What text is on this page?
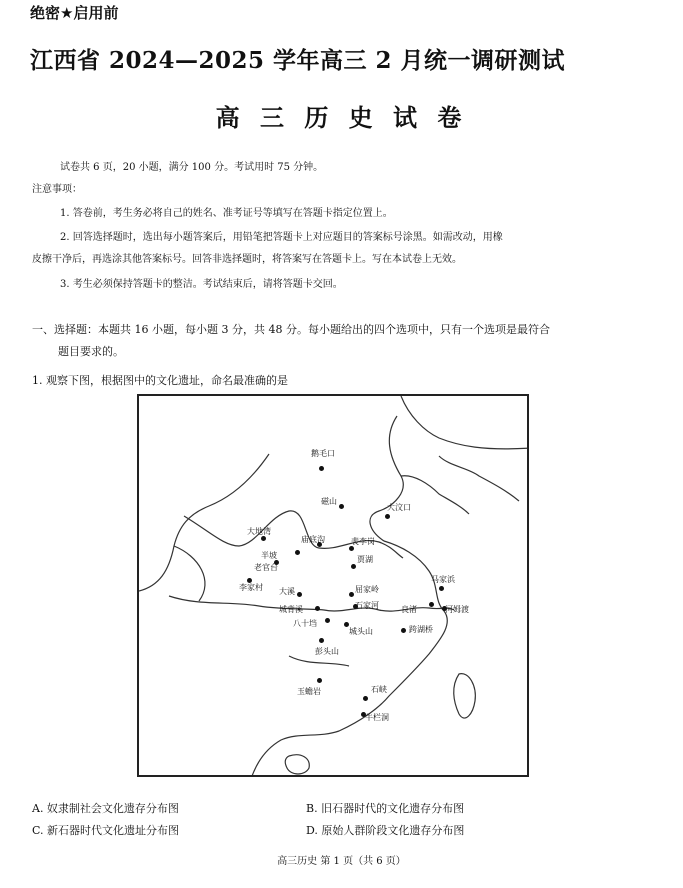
绝密★启用前
江西省 2024—2025 学年高三 2 月统一调研测试
高 三 历 史 试 卷
试卷共 6 页，20 小题，满分 100 分。考试用时 75 分钟。
注意事项：
1. 答卷前，考生务必将自己的姓名、准考证号等填写在答题卡指定位置上。
2. 回答选择题时，选出每小题答案后，用铅笔把答题卡上对应题目的答案标号涂黑。如需改动，用橡
皮擦干净后，再选涂其他答案标号。回答非选择题时，将答案写在答题卡上。写在本试卷上无效。
3. 考生必须保持答题卡的整洁。考试结束后，请将答题卡交回。
一、选择题：本题共 16 小题，每小题 3 分，共 48 分。每小题给出的四个选项中，只有一个选项是最符合
题目要求的。
1. 观察下图，根据图中的文化遗址，命名最准确的是
鹅毛口
磁山
大汶口
大地湾
半坡
庙底沟	裴李岗
老官台
贾湖
李家村 大溪	屈家岭
马家浜
良渚	河姆渡
城背溪	石家河
八十垱
城头山	跨湖桥
彭头山
玉蟾岩	石峡
牛栏洞
A. 奴隶制社会文化遗存分布图	B. 旧石器时代的文化遗存分布图
C. 新石器时代文化遗址分布图	D. 原始人群阶段文化遗存分布图
高三历史 第 1 页（共 6 页）
